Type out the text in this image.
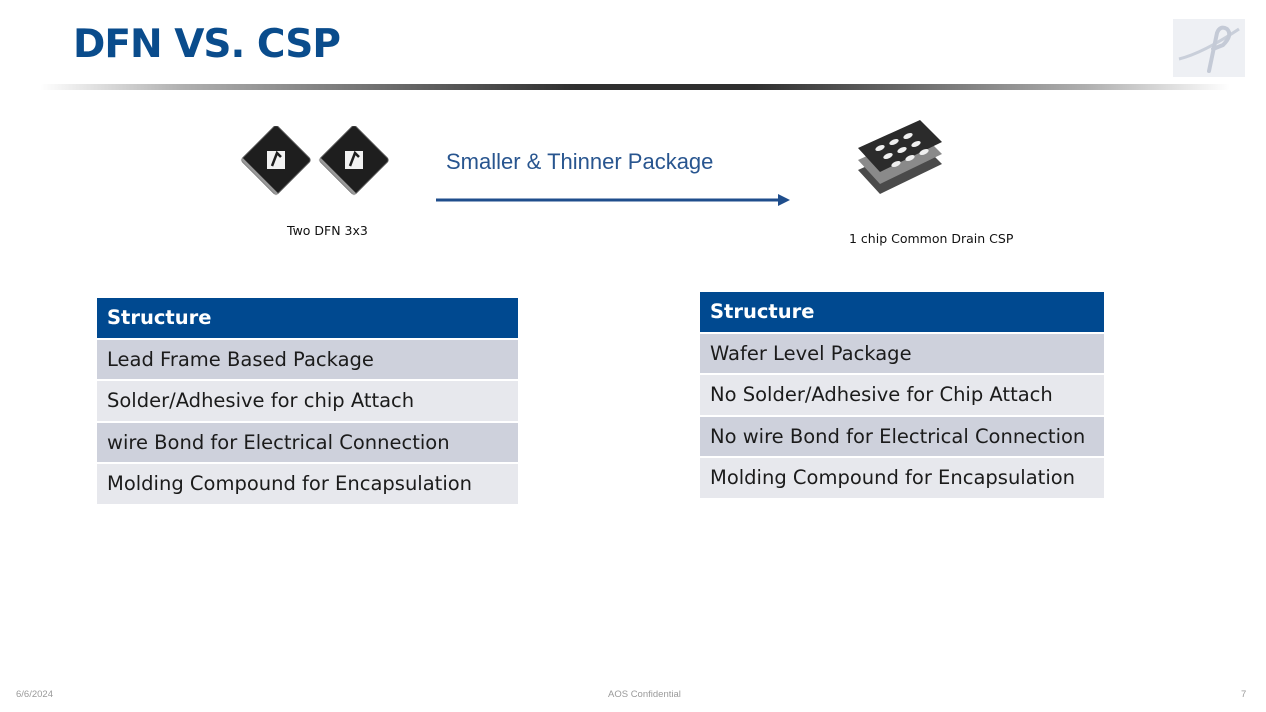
DFN VS. CSP
Two DFN 3x3
Smaller & Thinner Package
1 chip Common Drain CSP
Structure
Lead Frame Based Package
Solder/Adhesive for chip Attach
wire Bond for Electrical Connection
Molding Compound for Encapsulation
Structure
Wafer Level Package
No Solder/Adhesive for Chip Attach
No wire Bond for Electrical Connection
Molding Compound for Encapsulation
6/6/2024	AOS Confidential	7
